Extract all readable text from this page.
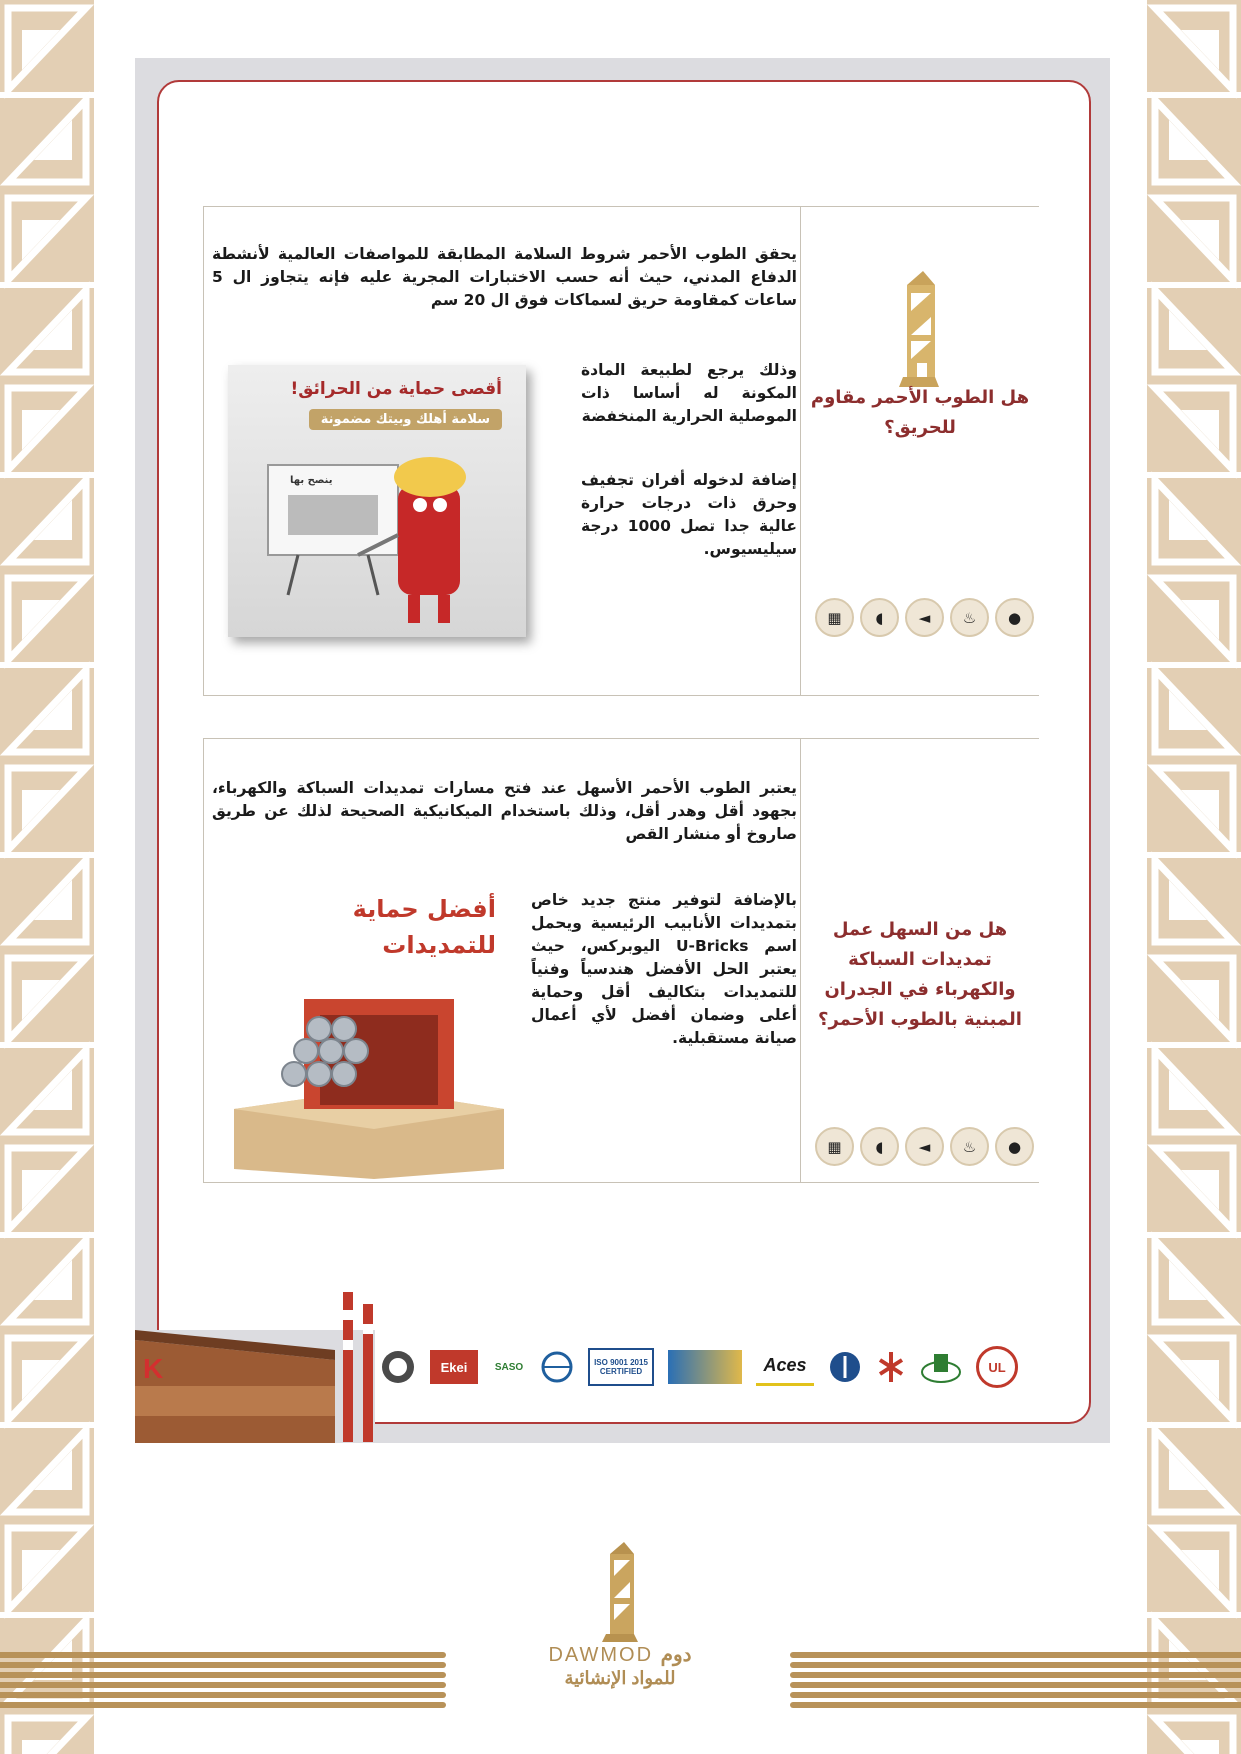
هل الطوب الأحمر مقاوم للحريق؟
▦	◖	◄	♨	●
يحقق الطوب الأحمر شروط السلامة المطابقة للمواصفات العالمية لأنشطة الدفاع المدني، حيث أنه حسب الاختبارات المجرية عليه فإنه يتجاوز ال 5 ساعات كمقاومة حريق لسماكات فوق ال 20 سم
وذلك يرجع لطبيعة المادة المكونة له أساسا ذات الموصلية الحرارية المنخفضة
إضافة لدخوله أفران تجفيف وحرق ذات درجات حرارة عالية جدا تصل 1000 درجة سيليسيوس.
أقصى حماية من الحرائق!
سلامة أهلك وبيتك مضمونة
ينصح بها
هل من السهل عمل تمديدات السباكة والكهرباء في الجدران المبنية بالطوب الأحمر؟
▦	◖	◄	♨	●
يعتبر الطوب الأحمر الأسهل عند فتح مسارات تمديدات السباكة والكهرباء، بجهود أقل وهدر أقل، وذلك باستخدام الميكانيكية الصحيحة لذلك عن طريق صاروخ أو منشار القص
بالإضافة لتوفير منتج جديد خاص بتمديدات الأنابيب الرئيسية ويحمل اسم U-Bricks اليوبركس، حيث يعتبر الحل الأفضل هندسياً وفنياً للتمديدات بتكاليف أقل وحماية أعلى وضمان أفضل لأي أعمال صيانة مستقبلية.
أفضل حماية
للتمديدات
K	Ekei	SASO	ISO 9001 2015 CERTIFIED	Aces	UL
DAWMOD دوم
للمواد الإنشائية
